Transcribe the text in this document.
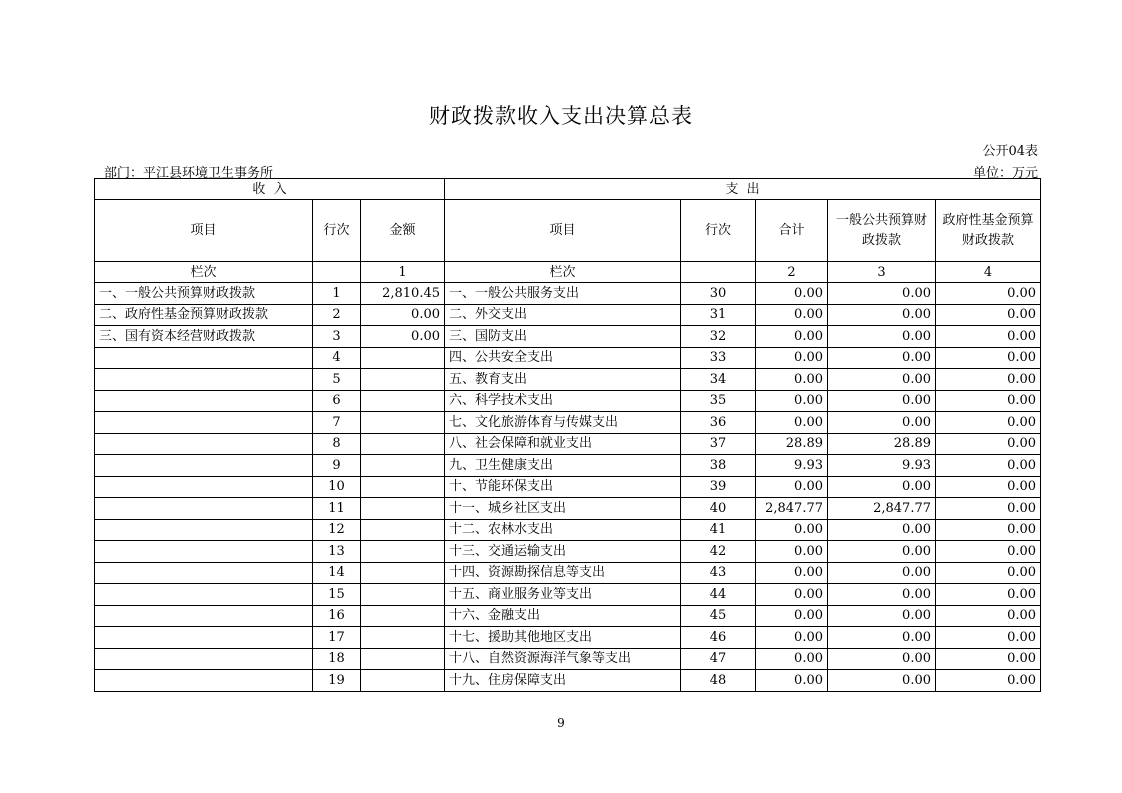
财政拨款收入支出决算总表
公开04表
部门：平江县环境卫生事务所	单位：万元
收  入			支  出				
项目	行次	金额	项目	行次	合计	一般公共预算财政拨款	政府性基金预算财政拨款
栏次		1	栏次		2	3	4
一、一般公共预算财政拨款	1	2,810.45	一、一般公共服务支出	30	0.00	0.00	0.00
二、政府性基金预算财政拨款	2	0.00	二、外交支出	31	0.00	0.00	0.00
三、国有资本经营财政拨款	3	0.00	三、国防支出	32	0.00	0.00	0.00
	4		四、公共安全支出	33	0.00	0.00	0.00
	5		五、教育支出	34	0.00	0.00	0.00
	6		六、科学技术支出	35	0.00	0.00	0.00
	7		七、文化旅游体育与传媒支出	36	0.00	0.00	0.00
	8		八、社会保障和就业支出	37	28.89	28.89	0.00
	9		九、卫生健康支出	38	9.93	9.93	0.00
	10		十、节能环保支出	39	0.00	0.00	0.00
	11		十一、城乡社区支出	40	2,847.77	2,847.77	0.00
	12		十二、农林水支出	41	0.00	0.00	0.00
	13		十三、交通运输支出	42	0.00	0.00	0.00
	14		十四、资源勘探信息等支出	43	0.00	0.00	0.00
	15		十五、商业服务业等支出	44	0.00	0.00	0.00
	16		十六、金融支出	45	0.00	0.00	0.00
	17		十七、援助其他地区支出	46	0.00	0.00	0.00
	18		十八、自然资源海洋气象等支出	47	0.00	0.00	0.00
	19		十九、住房保障支出	48	0.00	0.00	0.00
9
